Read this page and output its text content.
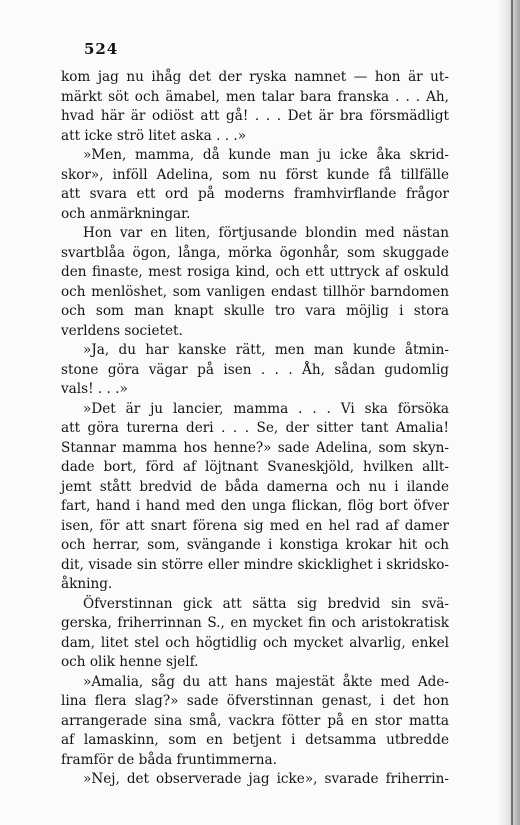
524
kom jag nu ihåg det der ryska namnet — hon är ut-
märkt söt och ämabel, men talar bara franska . . . Ah,
hvad här är odiöst att gå! . . . Det är bra försmädligt
att icke strö litet aska . . .»
»Men, mamma, då kunde man ju icke åka skrid-
skor», inföll Adelina, som nu först kunde få tillfälle
att svara ett ord på moderns framhvirflande frågor
och anmärkningar.
Hon var en liten, förtjusande blondin med nästan
svartblåa ögon, långa, mörka ögonhår, som skuggade
den finaste, mest rosiga kind, och ett uttryck af oskuld
och menlöshet, som vanligen endast tillhör barndomen
och som man knapt skulle tro vara möjlig i stora
verldens societet.
»Ja, du har kanske rätt, men man kunde åtmin-
stone göra vägar på isen . . . Åh, sådan gudomlig
vals! . . .»
»Det är ju lancier, mamma . . . Vi ska försöka
att göra turerna deri . . . Se, der sitter tant Amalia!
Stannar mamma hos henne?» sade Adelina, som skyn-
dade bort, förd af löjtnant Svaneskjöld, hvilken allt-
jemt stått bredvid de båda damerna och nu i ilande
fart, hand i hand med den unga flickan, flög bort öfver
isen, för att snart förena sig med en hel rad af damer
och herrar, som, svängande i konstiga krokar hit och
dit, visade sin större eller mindre skicklighet i skridsko-
åkning.
Öfverstinnan gick att sätta sig bredvid sin svä-
gerska, friherrinnan S., en mycket fin och aristokratisk
dam, litet stel och högtidlig och mycket alvarlig, enkel
och olik henne sjelf.
»Amalia, såg du att hans majestät åkte med Ade-
lina flera slag?» sade öfverstinnan genast, i det hon
arrangerade sina små, vackra fötter på en stor matta
af lamaskinn, som en betjent i detsamma utbredde
framför de båda fruntimmerna.
»Nej, det observerade jag icke», svarade friherrin-
